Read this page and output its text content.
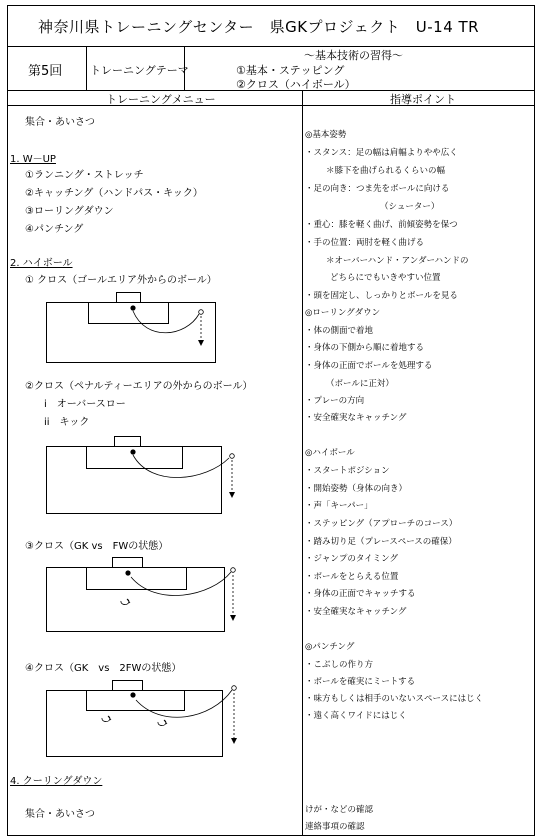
神奈川県トレーニングセンター　県GKプロジェクト　U-14 TR
第5回	トレーニングテーマ
～基本技術の習得～
①基本・ステッピング
②クロス（ハイボール）
トレーニングメニュー	指導ポイント
集合・あいさつ
1. W－UP
①ランニング・ストレッチ
②キャッチング（ハンドパス・キック）
③ローリングダウン
④パンチング
2. ハイボール
① クロス（ゴールエリア外からのボール）
②クロス（ペナルティーエリアの外からのボール）
i　オーバースロー
ii　キック
③クロス（GK vs　FWの状態）
④クロス（GK　vs　2FWの状態）
4. クーリングダウン
集合・あいさつ
◎基本姿勢
・スタンス：足の幅は肩幅よりやや広く
＊膝下を曲げられるくらいの幅
・足の向き：つま先をボールに向ける
（シューター）
・重心：膝を軽く曲げ、前傾姿勢を保つ
・手の位置：両肘を軽く曲げる
＊オーバーハンド・アンダーハンドの
どちらにでもいきやすい位置
・頭を固定し、しっかりとボールを見る
◎ローリングダウン
・体の側面で着地
・身体の下側から順に着地する
・身体の正面でボールを処理する
（ボールに正対）
・プレーの方向
・安全確実なキャッチング
◎ハイボール
・スタートポジション
・開始姿勢（身体の向き）
・声「キーパー」
・ステッピング（アプローチのコース）
・踏み切り足（プレースペースの確保）
・ジャンプのタイミング
・ボールをとらえる位置
・身体の正面でキャッチする
・安全確実なキャッチング
◎パンチング
・こぶしの作り方
・ボールを確実にミートする
・味方もしくは相手のいないスペースにはじく
・遠く高くワイドにはじく
けが・などの確認
連絡事項の確認
